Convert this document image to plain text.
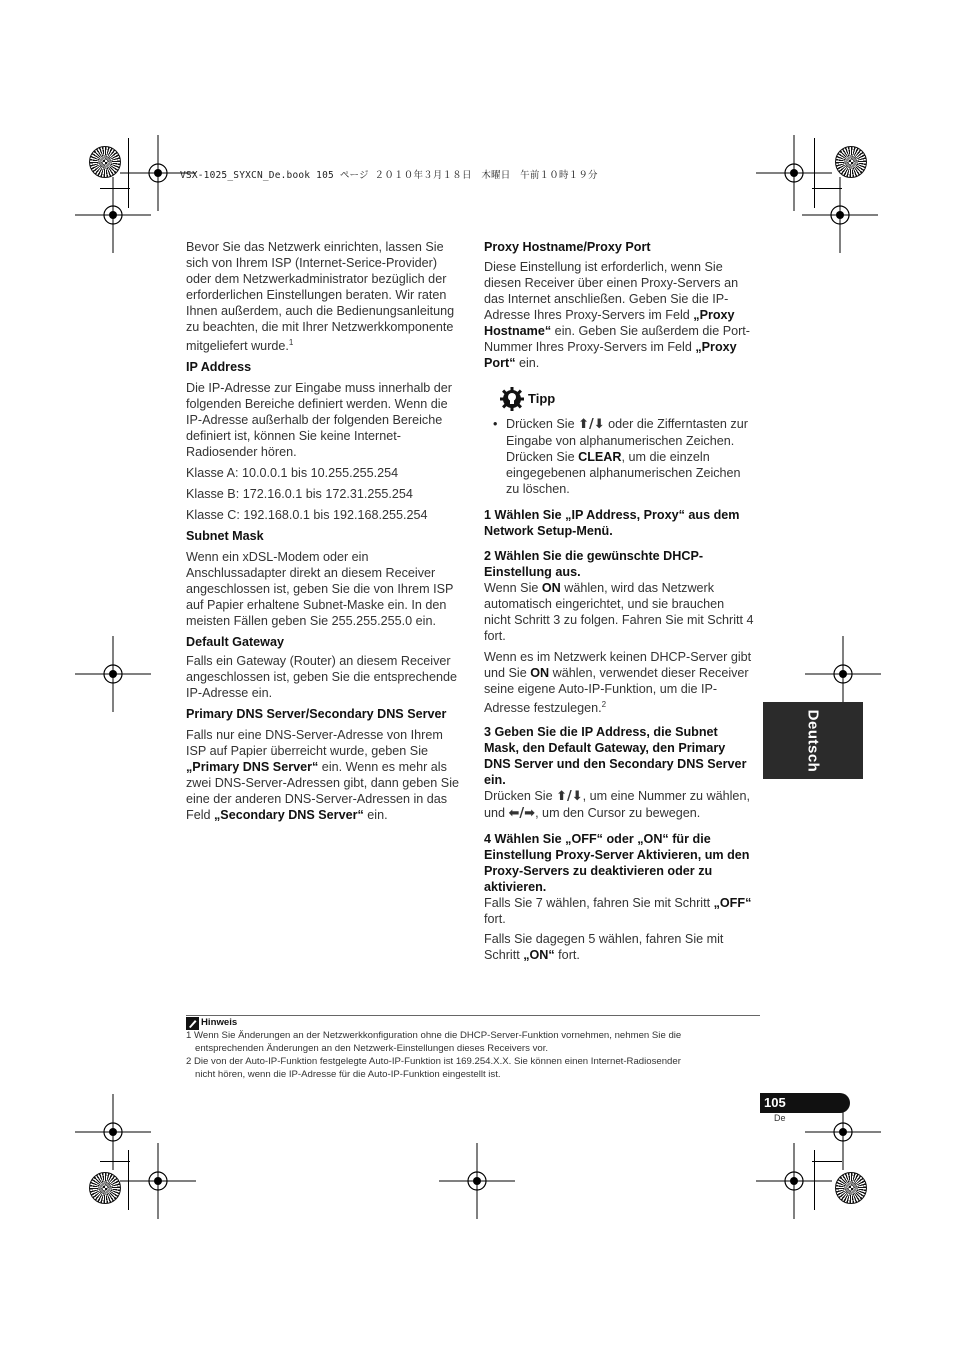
VSX-1025_SYXCN_De.book 105 ページ ２０１０年３月１８日　木曜日　午前１０時１９分

Bevor Sie das Netzwerk einrichten, lassen Sie sich von Ihrem ISP (Internet-Serice-Provider) oder dem Netzwerkadministrator bezüglich der erforderlichen Einstellungen beraten. Wir raten Ihnen außerdem, auch die Bedienungsanleitung zu beachten, die mit Ihrer Netzwerkkomponente mitgeliefert wurde.$^1$

IP Address

Die IP-Adresse zur Eingabe muss innerhalb der folgenden Bereiche definiert werden. Wenn die IP-Adresse außerhalb der folgenden Bereiche definiert ist, können Sie keine Internet-Radiosender hören.

Klasse A: 10.0.0.1 bis 10.255.255.254

Klasse B: 172.16.0.1 bis 172.31.255.254

Klasse C: 192.168.0.1 bis 192.168.255.254

Subnet Mask

Wenn ein xDSL-Modem oder ein Anschlussadapter direkt an diesem Receiver angeschlossen ist, geben Sie die von Ihrem ISP auf Papier erhaltene Subnet-Maske ein. In den meisten Fällen geben Sie 255.255.255.0 ein.

Default Gateway

Falls ein Gateway (Router) an diesem Receiver angeschlossen ist, geben Sie die entsprechende IP-Adresse ein.

Primary DNS Server/Secondary DNS Server

Falls nur eine DNS-Server-Adresse von Ihrem ISP auf Papier überreicht wurde, geben Sie „Primary DNS Server“ ein. Wenn es mehr als zwei DNS-Server-Adressen gibt, dann geben Sie eine der anderen DNS-Server-Adressen in das Feld „Secondary DNS Server“ ein.

Proxy Hostname/Proxy Port

Diese Einstellung ist erforderlich, wenn Sie diesen Receiver über einen Proxy-Servers an das Internet anschließen. Geben Sie die IP-Adresse Ihres Proxy-Servers im Feld „Proxy Hostname“ ein. Geben Sie außerdem die Port-Nummer Ihres Proxy-Servers im Feld „Proxy Port“ ein.

Tipp
• Drücken Sie ⬆/⬇ oder die Zifferntasten zur Eingabe von alphanumerischen Zeichen. Drücken Sie CLEAR, um die einzeln eingegebenen alphanumerischen Zeichen zu löschen.

1 Wählen Sie „IP Address, Proxy“ aus dem Network Setup-Menü.

2 Wählen Sie die gewünschte DHCP-Einstellung aus.

Wenn Sie ON wählen, wird das Netzwerk automatisch eingerichtet, und sie brauchen nicht Schritt 3 zu folgen. Fahren Sie mit Schritt 4 fort.

Wenn es im Netzwerk keinen DHCP-Server gibt und Sie ON wählen, verwendet dieser Receiver seine eigene Auto-IP-Funktion, um die IP-Adresse festzulegen.$^2$

3 Geben Sie die IP Address, die Subnet Mask, den Default Gateway, den Primary DNS Server und den Secondary DNS Server ein.

Drücken Sie ⬆/⬇, um eine Nummer zu wählen, und ⬅/➡, um den Cursor zu bewegen.

4 Wählen Sie „OFF“ oder „ON“ für die Einstellung Proxy-Server Aktivieren, um den Proxy-Servers zu deaktivieren oder zu aktivieren.

Falls Sie 7 wählen, fahren Sie mit Schritt „OFF“ fort.

Falls Sie dagegen 5 wählen, fahren Sie mit Schritt „ON“ fort.

Deutsch
Hinweis
1 Wenn Sie Änderungen an der Netzwerkkonfiguration ohne die DHCP-Server-Funktion vornehmen, nehmen Sie die
entsprechenden Änderungen an den Netzwerk-Einstellungen dieses Receivers vor.
2 Die von der Auto-IP-Funktion festgelegte Auto-IP-Funktion ist 169.254.X.X. Sie können einen Internet-Radiosender
nicht hören, wenn die IP-Adresse für die Auto-IP-Funktion eingestellt ist.
105
De
